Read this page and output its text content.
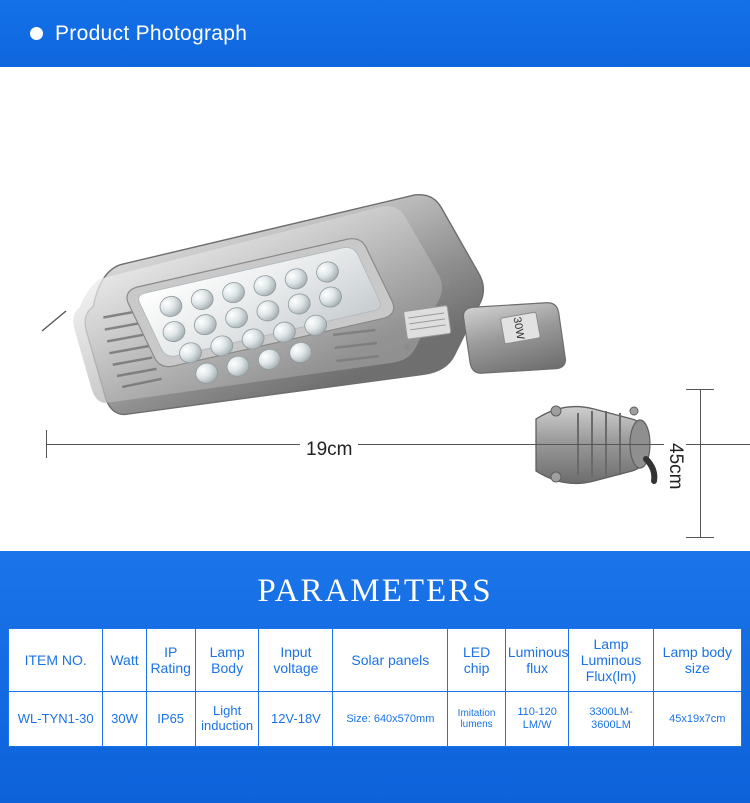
Product Photograph
30W
19cm	45cm
PARAMETERS
ITEM NO.	Watt	IP Rating	Lamp Body	Input voltage	Solar panels	LED chip	Luminous flux	Lamp Luminous Flux(lm)	Lamp body size
WL-TYN1-30	30W	IP65	Light induction	12V-18V	Size: 640x570mm	Imitation lumens	110-120 LM/W	3300LM-3600LM	45x19x7cm
